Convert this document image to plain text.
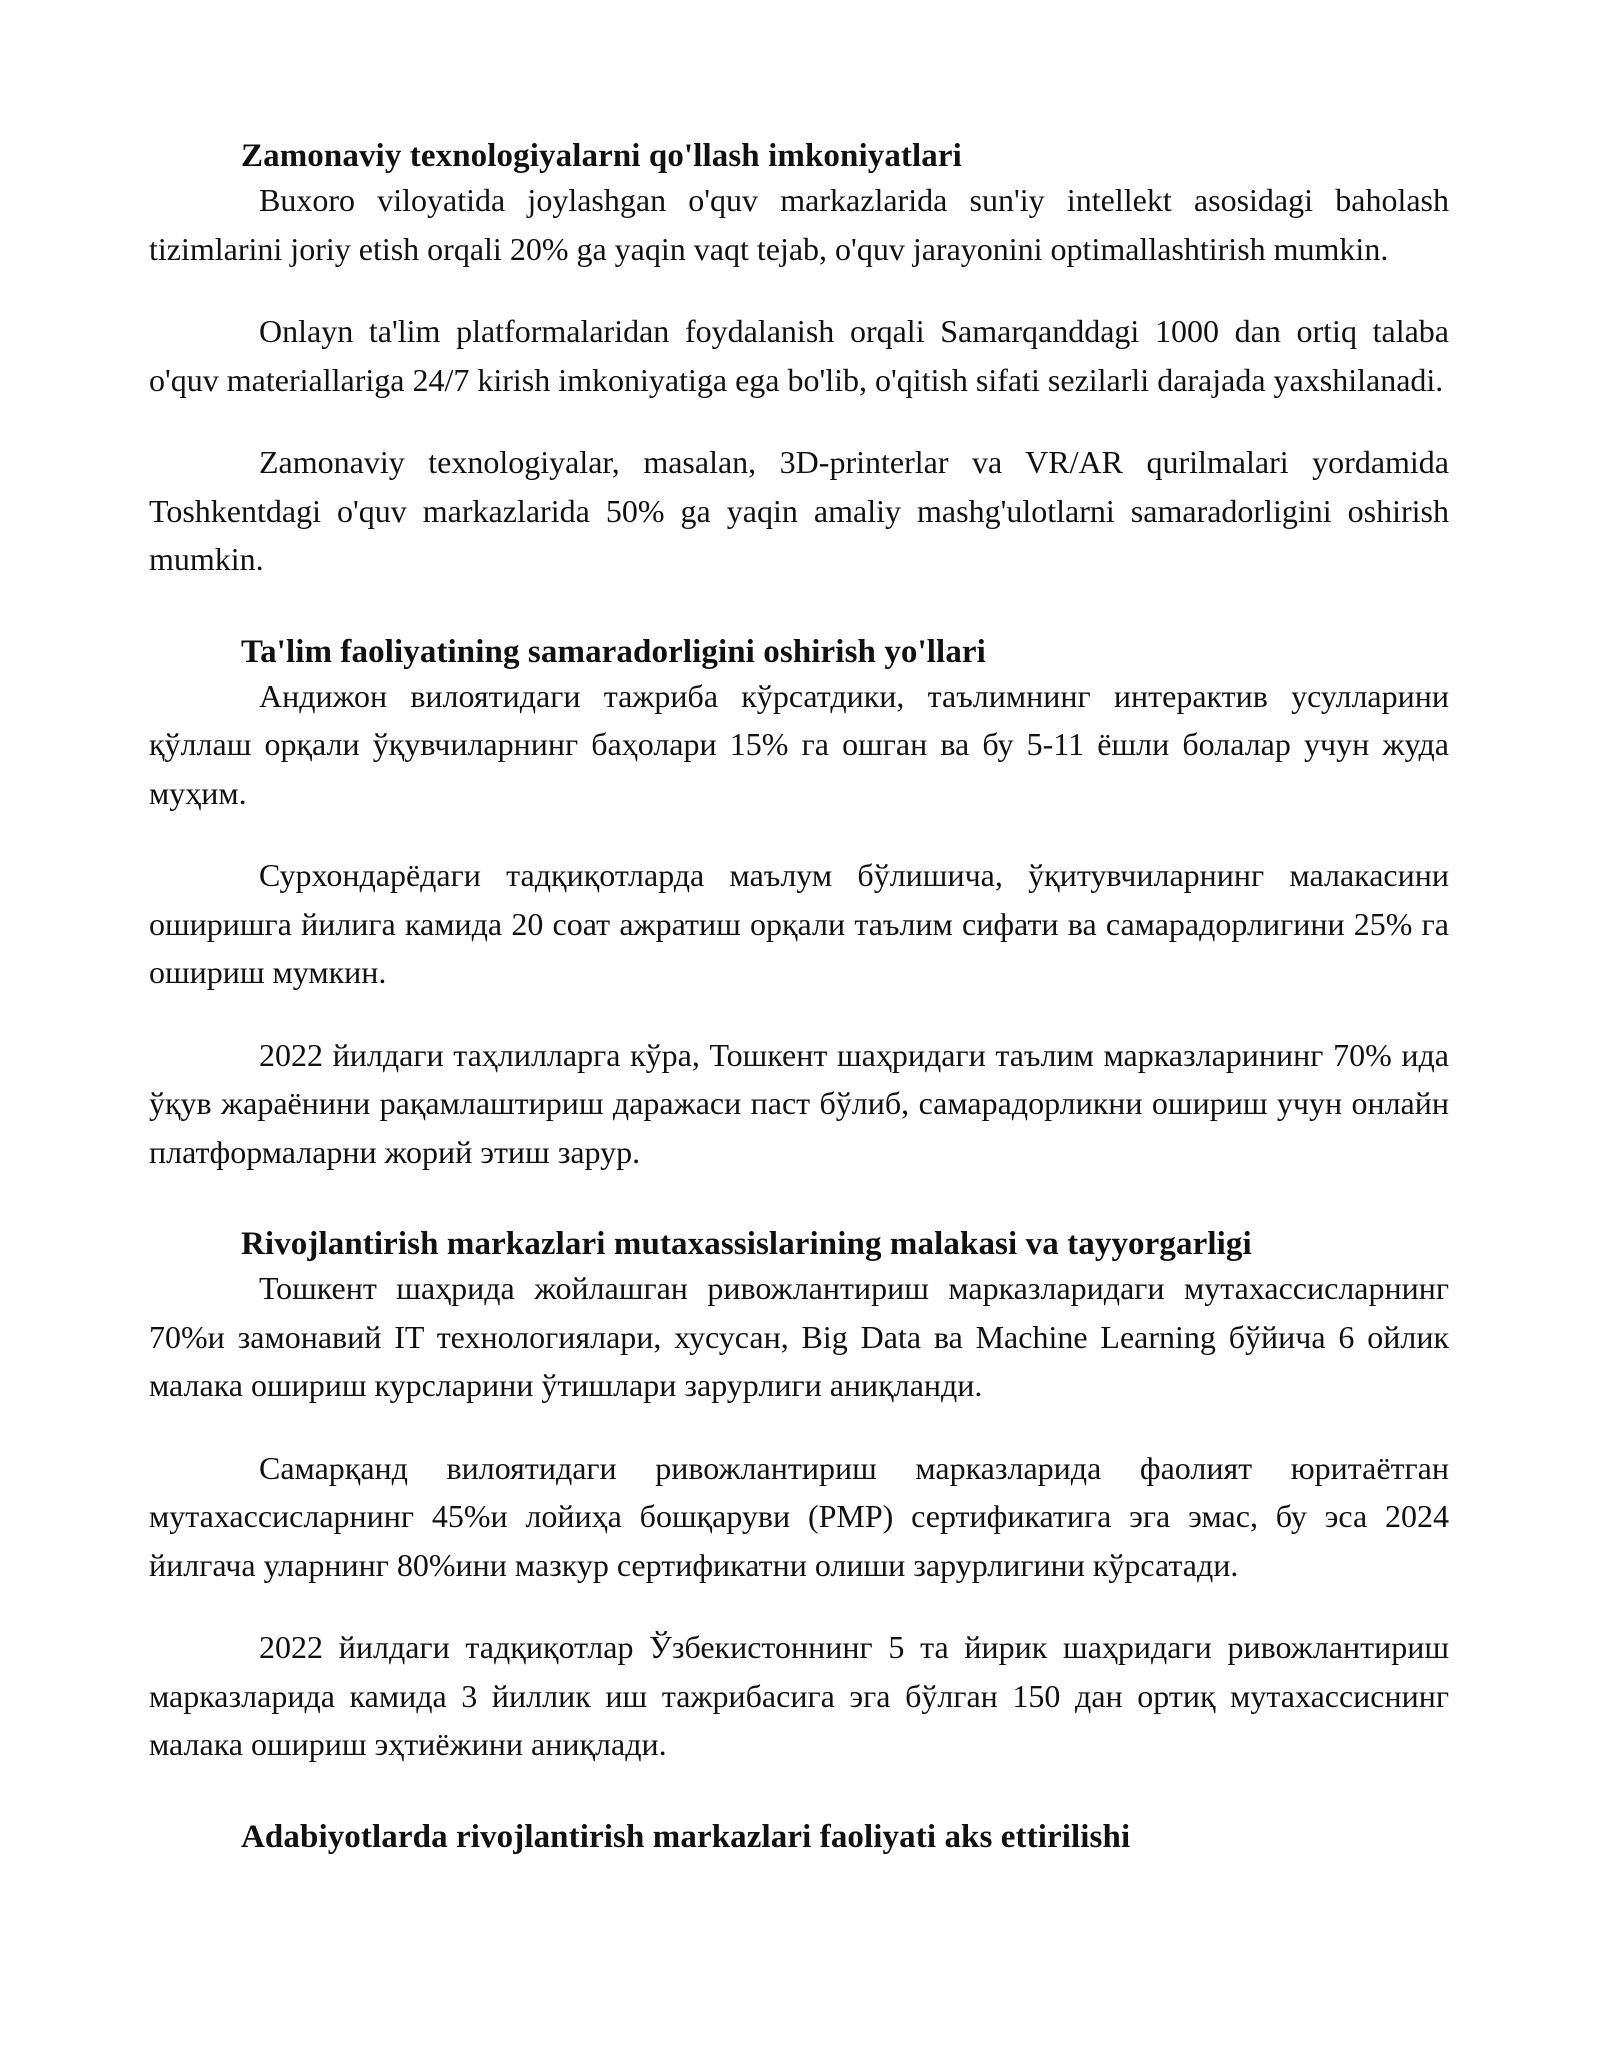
Zamonaviy texnologiyalarni qo'llash imkoniyatlari

Buxoro viloyatida joylashgan o'quv markazlarida sun'iy intellekt asosidagi baholash tizimlarini joriy etish orqali 20% ga yaqin vaqt tejab, o'quv jarayonini optimallashtirish mumkin.

Onlayn ta'lim platformalaridan foydalanish orqali Samarqanddagi 1000 dan ortiq talaba o'quv materiallariga 24/7 kirish imkoniyatiga ega bo'lib, o'qitish sifati sezilarli darajada yaxshilanadi.

Zamonaviy texnologiyalar, masalan, 3D-printerlar va VR/AR qurilmalari yordamida Toshkentdagi o'quv markazlarida 50% ga yaqin amaliy mashg'ulotlarni samaradorligini oshirish mumkin.

Ta'lim faoliyatining samaradorligini oshirish yo'llari

Андижон вилоятидаги тажриба кўрсатдики, таълимнинг интерактив усулларини қўллаш орқали ўқувчиларнинг баҳолари 15% га ошган ва бу 5-11 ёшли болалар учун жуда муҳим.

Сурхондарёдаги тадқиқотларда маълум бўлишича, ўқитувчиларнинг малакасини оширишга йилига камида 20 соат ажратиш орқали таълим сифати ва самарадорлигини 25% га ошириш мумкин.

2022 йилдаги таҳлилларга кўра, Тошкент шаҳридаги таълим марказларининг 70% ида ўқув жараёнини рақамлаштириш даражаси паст бўлиб, самарадорликни ошириш учун онлайн платформаларни жорий этиш зарур.

Rivojlantirish markazlari mutaxassislarining malakasi va tayyorgarligi

Тошкент шаҳрида жойлашган ривожлантириш марказларидаги мутахассисларнинг 70%и замонавий IT технологиялари, хусусан, Big Data ва Machine Learning бўйича 6 ойлик малака ошириш курсларини ўтишлари зарурлиги аниқланди.

Самарқанд вилоятидаги ривожлантириш марказларида фаолият юритаётган мутахассисларнинг 45%и лойиҳа бошқаруви (PMP) сертификатига эга эмас, бу эса 2024 йилгача уларнинг 80%ини мазкур сертификатни олиши зарурлигини кўрсатади.

2022 йилдаги тадқиқотлар Ўзбекистоннинг 5 та йирик шаҳридаги ривожлантириш марказларида камида 3 йиллик иш тажрибасига эга бўлган 150 дан ортиқ мутахассиснинг малака ошириш эҳтиёжини аниқлади.

Adabiyotlarda rivojlantirish markazlari faoliyati aks ettirilishi
